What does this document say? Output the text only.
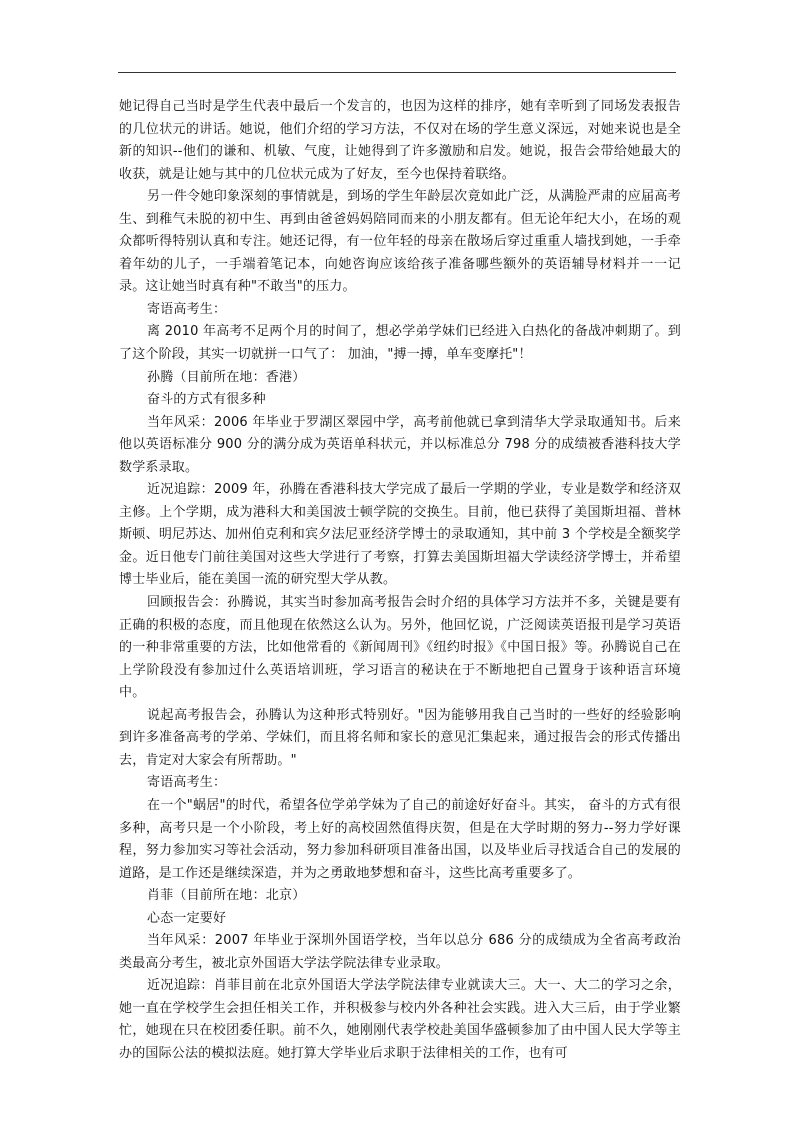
她记得自己当时是学生代表中最后一个发言的，也因为这样的排序，她有幸听到了同场发表报告的几位状元的讲话。她说，他们介绍的学习方法，不仅对在场的学生意义深远，对她来说也是全新的知识--他们的谦和、机敏、气度，让她得到了许多激励和启发。她说，报告会带给她最大的收获，就是让她与其中的几位状元成为了好友，至今也保持着联络。

另一件令她印象深刻的事情就是，到场的学生年龄层次竟如此广泛，从满脸严肃的应届高考生、到稚气未脱的初中生、再到由爸爸妈妈陪同而来的小朋友都有。但无论年纪大小，在场的观众都听得特别认真和专注。她还记得，有一位年轻的母亲在散场后穿过重重人墙找到她，一手牵着年幼的儿子，一手端着笔记本，向她咨询应该给孩子准备哪些额外的英语辅导材料并一一记录。这让她当时真有种"不敢当"的压力。

寄语高考生：

离 2010 年高考不足两个月的时间了，想必学弟学妹们已经进入白热化的备战冲刺期了。到了这个阶段，其实一切就拼一口气了： 加油，"搏一搏，单车变摩托"！

孙腾（目前所在地：香港）

奋斗的方式有很多种

当年风采：2006 年毕业于罗湖区翠园中学，高考前他就已拿到清华大学录取通知书。后来他以英语标准分 900 分的满分成为英语单科状元，并以标准总分 798 分的成绩被香港科技大学数学系录取。

近况追踪：2009 年，孙腾在香港科技大学完成了最后一学期的学业，专业是数学和经济双主修。上个学期，成为港科大和美国波士顿学院的交换生。目前，他已获得了美国斯坦福、普林斯顿、明尼苏达、加州伯克利和宾夕法尼亚经济学博士的录取通知，其中前 3 个学校是全额奖学金。近日他专门前往美国对这些大学进行了考察，打算去美国斯坦福大学读经济学博士，并希望博士毕业后，能在美国一流的研究型大学从教。

回顾报告会：孙腾说，其实当时参加高考报告会时介绍的具体学习方法并不多，关键是要有正确的积极的态度，而且他现在依然这么认为。另外，他回忆说，广泛阅读英语报刊是学习英语的一种非常重要的方法，比如他常看的《新闻周刊》《纽约时报》《中国日报》等。孙腾说自己在上学阶段没有参加过什么英语培训班，学习语言的秘诀在于不断地把自己置身于该种语言环境中。

说起高考报告会，孙腾认为这种形式特别好。"因为能够用我自己当时的一些好的经验影响到许多准备高考的学弟、学妹们，而且将名师和家长的意见汇集起来，通过报告会的形式传播出去，肯定对大家会有所帮助。"

寄语高考生：

在一个"蜗居"的时代，希望各位学弟学妹为了自己的前途好好奋斗。其实， 奋斗的方式有很多种，高考只是一个小阶段，考上好的高校固然值得庆贺，但是在大学时期的努力--努力学好课程，努力参加实习等社会活动，努力参加科研项目准备出国，以及毕业后寻找适合自己的发展的道路，是工作还是继续深造，并为之勇敢地梦想和奋斗，这些比高考重要多了。

肖菲（目前所在地：北京）

心态一定要好

当年风采：2007 年毕业于深圳外国语学校，当年以总分 686 分的成绩成为全省高考政治类最高分考生，被北京外国语大学法学院法律专业录取。

近况追踪：肖菲目前在北京外国语大学法学院法律专业就读大三。大一、大二的学习之余，她一直在学校学生会担任相关工作，并积极参与校内外各种社会实践。进入大三后，由于学业繁忙，她现在只在校团委任职。前不久，她刚刚代表学校赴美国华盛顿参加了由中国人民大学等主办的国际公法的模拟法庭。她打算大学毕业后求职于法律相关的工作，也有可
